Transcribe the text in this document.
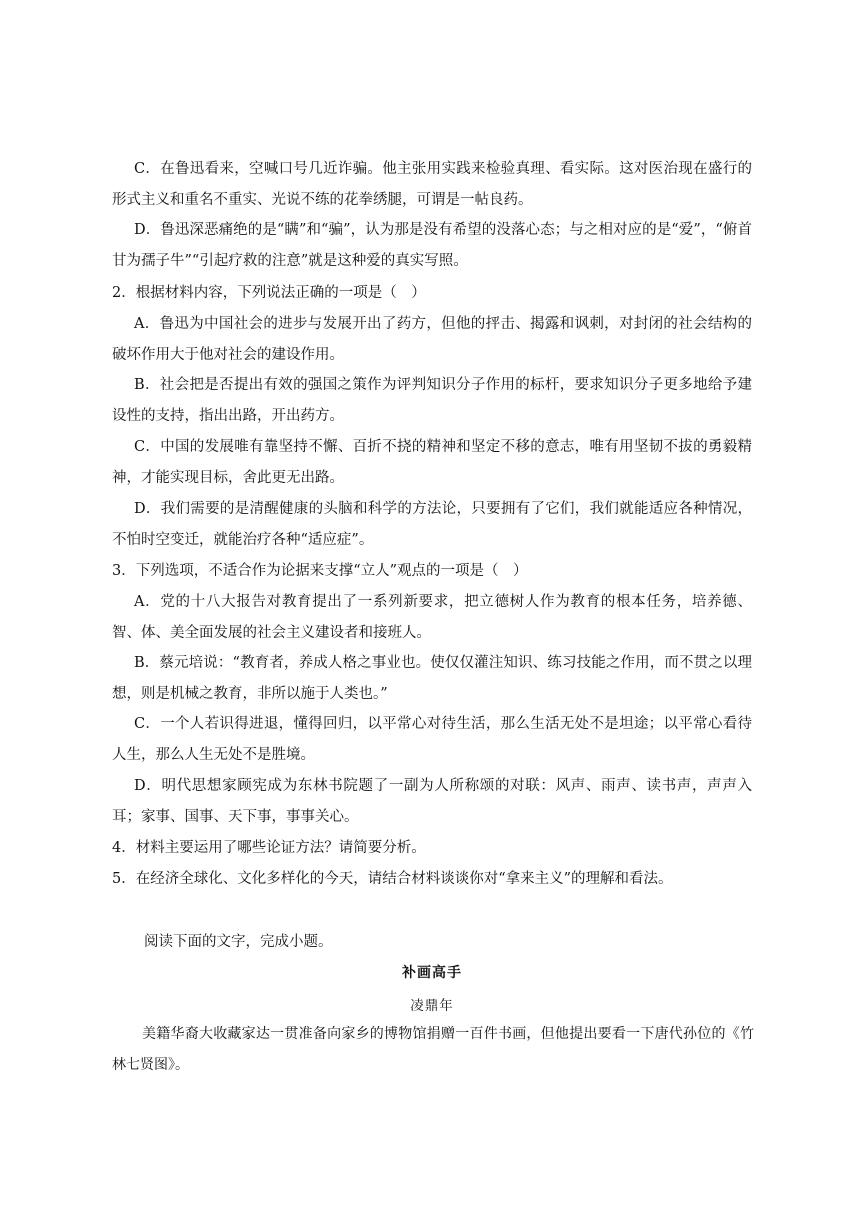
C．在鲁迅看来，空喊口号几近诈骗。他主张用实践来检验真理、看实际。这对医治现在盛行的形式主义和重名不重实、光说不练的花拳绣腿，可谓是一帖良药。
D．鲁迅深恶痛绝的是“瞒”和“骗”，认为那是没有希望的没落心态；与之相对应的是“爱”，“俯首甘为孺子牛”“引起疗救的注意”就是这种爱的真实写照。
2．根据材料内容，下列说法正确的一项是（　）
A．鲁迅为中国社会的进步与发展开出了药方，但他的抨击、揭露和讽刺，对封闭的社会结构的破坏作用大于他对社会的建设作用。
B．社会把是否提出有效的强国之策作为评判知识分子作用的标杆，要求知识分子更多地给予建设性的支持，指出出路，开出药方。
C．中国的发展唯有靠坚持不懈、百折不挠的精神和坚定不移的意志，唯有用坚韧不拔的勇毅精神，才能实现目标，舍此更无出路。
D．我们需要的是清醒健康的头脑和科学的方法论，只要拥有了它们，我们就能适应各种情况，不怕时空变迁，就能治疗各种“适应症”。
3．下列选项，不适合作为论据来支撑“立人”观点的一项是（　）
A．党的十八大报告对教育提出了一系列新要求，把立德树人作为教育的根本任务，培养德、智、体、美全面发展的社会主义建设者和接班人。
B．蔡元培说：“教育者，养成人格之事业也。使仅仅灌注知识、练习技能之作用，而不贯之以理想，则是机械之教育，非所以施于人类也。”
C．一个人若识得进退，懂得回归，以平常心对待生活，那么生活无处不是坦途；以平常心看待人生，那么人生无处不是胜境。
D．明代思想家顾宪成为东林书院题了一副为人所称颂的对联：风声、雨声、读书声，声声入耳；家事、国事、天下事，事事关心。
4．材料主要运用了哪些论证方法？请简要分析。
5．在经济全球化、文化多样化的今天，请结合材料谈谈你对“拿来主义”的理解和看法。
阅读下面的文字，完成小题。
补画高手
凌鼎年
美籍华裔大收藏家达一贯准备向家乡的博物馆捐赠一百件书画，但他提出要看一下唐代孙位的《竹林七贤图》。
